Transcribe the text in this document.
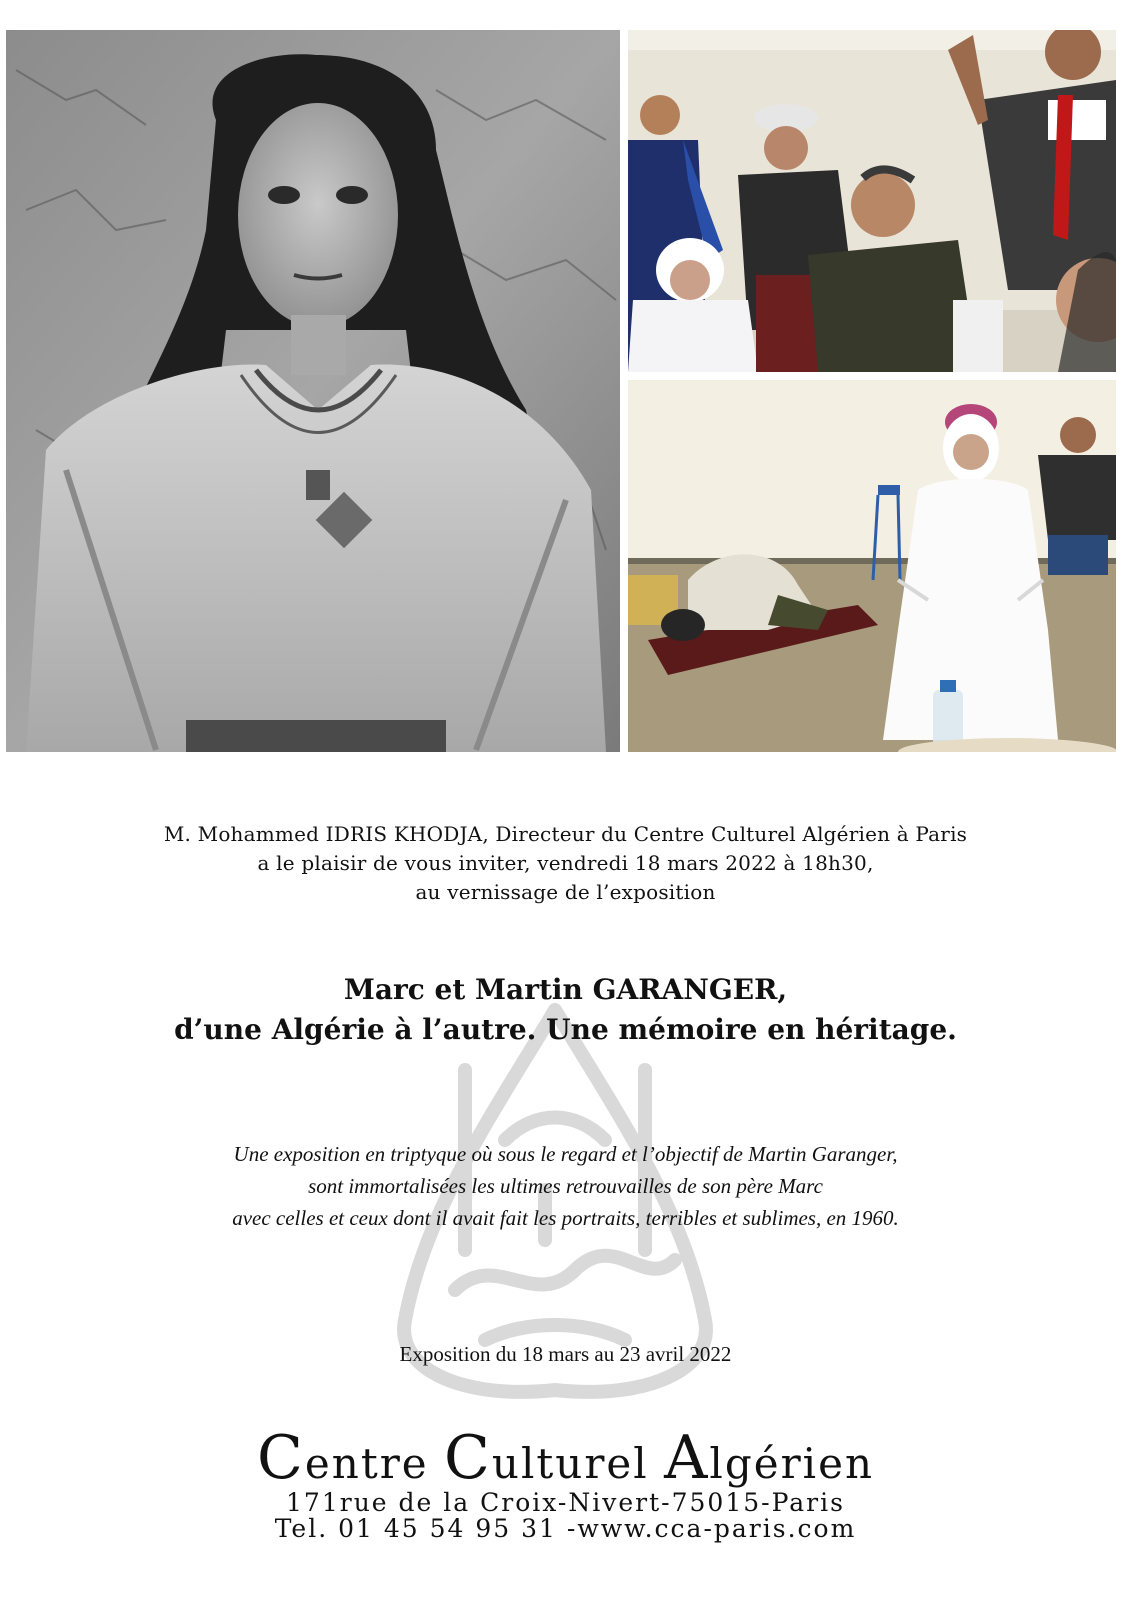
M. Mohammed IDRIS KHODJA, Directeur du Centre Culturel Algérien à Paris
a le plaisir de vous inviter, vendredi 18 mars 2022 à 18h30,
au vernissage de l’exposition
Marc et Martin GARANGER,
d’une Algérie à l’autre. Une mémoire en héritage.
Une exposition en triptyque où sous le regard et l’objectif de Martin Garanger,
sont immortalisées les ultimes retrouvailles de son père Marc
avec celles et ceux dont il avait fait les portraits, terribles et sublimes, en 1960.
Exposition du 18 mars au 23 avril 2022
Centre Culturel Algérien
171rue de la Croix-Nivert-75015-Paris
Tel. 01 45 54 95 31 -www.cca-paris.com
